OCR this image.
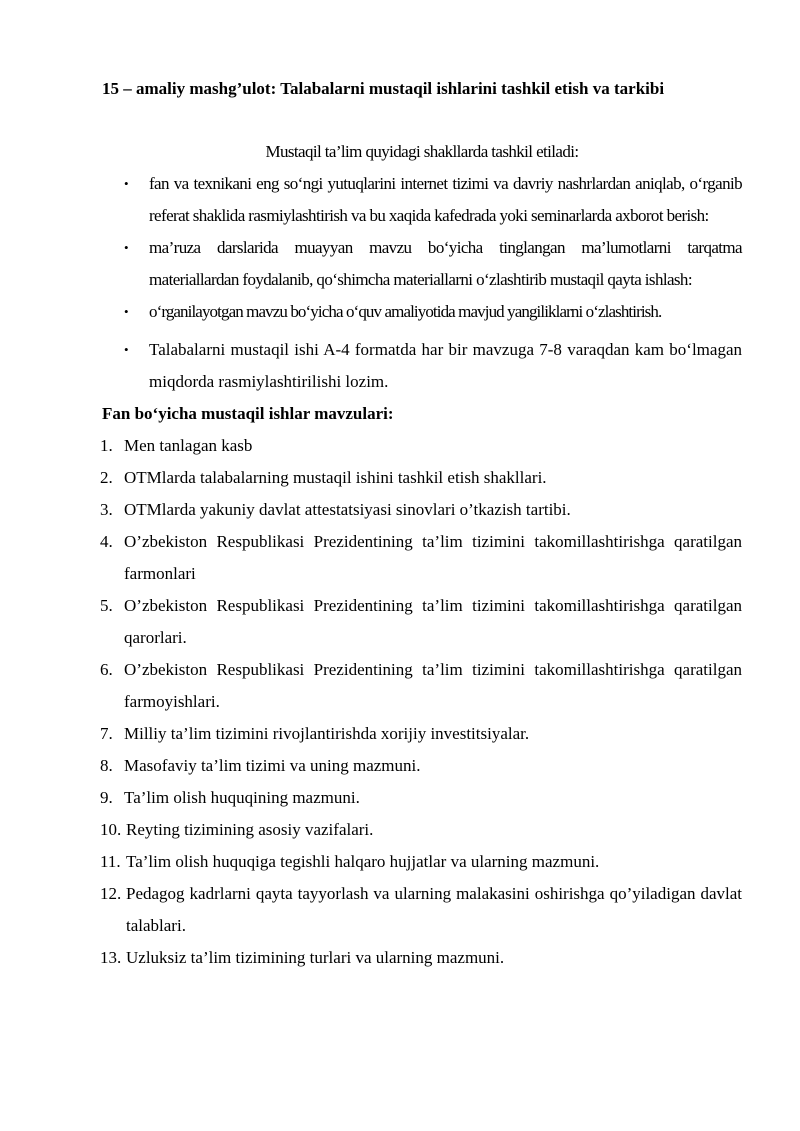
15 – amaliy mashg’ulot: Talabalarni mustaqil ishlarini tashkil etish va tarkibi

Mustaqil ta’lim quyidagi shakllarda tashkil etiladi:

• fan va texnikani eng so‘ngi yutuqlarini internet tizimi va davriy nashrlardan aniqlab, o‘rganib referat shaklida rasmiylashtirish va bu xaqida kafedrada yoki seminarlarda axborot berish:
• ma’ruza darslarida muayyan mavzu bo‘yicha tinglangan ma’lumotlarni tarqatma materiallardan foydalanib, qo‘shimcha materiallarni o‘zlashtirib mustaqil qayta ishlash:
• o‘rganilayotgan mavzu bo‘yicha o‘quv amaliyotida mavjud yangiliklarni o‘zlashtirish.
• Talabalarni mustaqil ishi A-4 formatda har bir mavzuga 7-8 varaqdan kam bo‘lmagan miqdorda rasmiylashtirilishi lozim.

Fan bo‘yicha mustaqil ishlar mavzulari:

1. Men tanlagan kasb
2. OTMlarda talabalarning mustaqil ishini tashkil etish shakllari.
3. OTMlarda yakuniy davlat attestatsiyasi sinovlari o’tkazish tartibi.
4. O’zbekiston Respublikasi Prezidentining ta’lim tizimini takomillashtirishga qaratilgan farmonlari
5. O’zbekiston Respublikasi Prezidentining ta’lim tizimini takomillashtirishga qaratilgan qarorlari.
6. O’zbekiston Respublikasi Prezidentining ta’lim tizimini takomillashtirishga qaratilgan farmoyishlari.
7. Milliy ta’lim tizimini rivojlantirishda xorijiy investitsiyalar.
8. Masofaviy ta’lim tizimi va uning mazmuni.
9. Ta’lim olish huquqining mazmuni.
10. Reyting tizimining asosiy vazifalari.
11. Ta’lim olish huquqiga tegishli halqaro hujjatlar va ularning mazmuni.
12. Pedagog kadrlarni qayta tayyorlash va ularning malakasini oshirishga qo’yiladigan davlat talablari.
13. Uzluksiz ta’lim tizimining turlari va ularning mazmuni.
